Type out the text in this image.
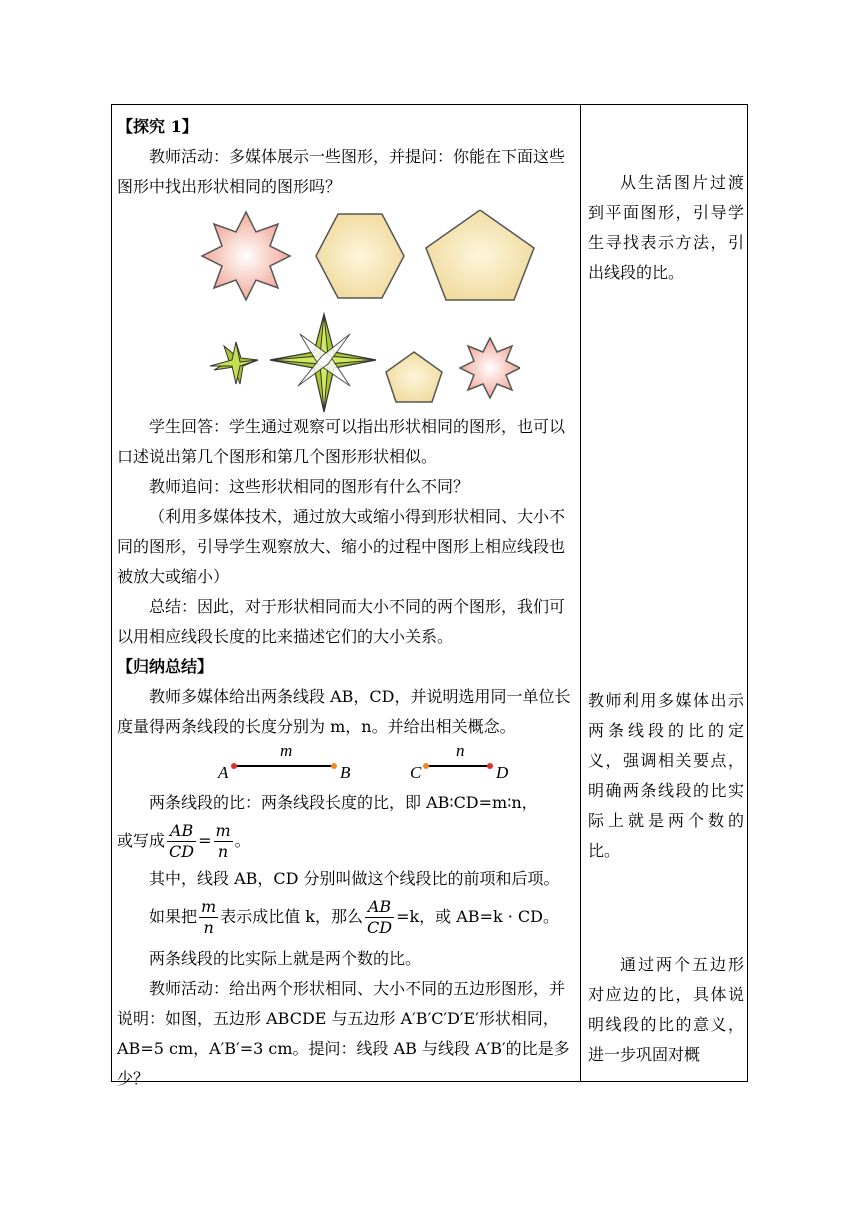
【探究 1】

教师活动：多媒体展示一些图形，并提问：你能在下面这些图形中找出形状相同的图形吗？

学生回答：学生通过观察可以指出形状相同的图形，也可以口述说出第几个图形和第几个图形形状相似。

教师追问：这些形状相同的图形有什么不同？

（利用多媒体技术，通过放大或缩小得到形状相同、大小不同的图形，引导学生观察放大、缩小的过程中图形上相应线段也被放大或缩小）

总结：因此，对于形状相同而大小不同的两个图形，我们可以用相应线段长度的比来描述它们的大小关系。

【归纳总结】

教师多媒体给出两条线段 AB，CD，并说明选用同一单位长度量得两条线段的长度分别为 m，n。并给出相关概念。

两条线段的比：两条线段长度的比，即 AB∶CD=m∶n，

或写成 $\frac{AB}{CD} = \frac{m}{n}$ 。

其中，线段 AB，CD 分别叫做这个线段比的前项和后项。

如果把 $\frac{m}{n}$ 表示成比值 k，那么 $\frac{AB}{CD} =k$，或 AB=k · CD。

两条线段的比实际上就是两个数的比。

教师活动：给出两个形状相同、大小不同的五边形图形，并说明：如图，五边形 ABCDE 与五边形 A′B′C′D′E′形状相同，AB=5 cm，A′B′=3 cm。提问：线段 AB 与线段 A′B′的比是多少？

A	B
m
C	D
n
从生活图片过渡到平面图形，引导学生寻找表示方法，引出线段的比。
教师利用多媒体出示两条线段的比的定义，强调相关要点，明确两条线段的比实际上就是两个数的比。
通过两个五边形对应边的比，具体说明线段的比的意义，进一步巩固对概
